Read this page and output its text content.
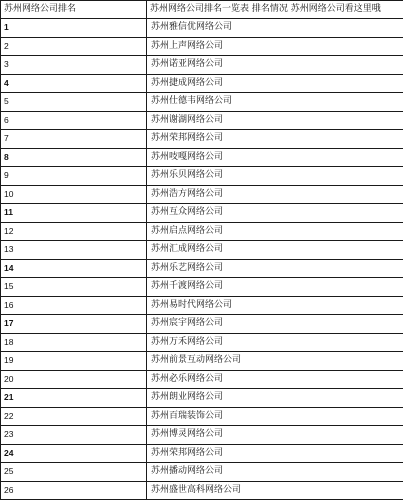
苏州网络公司排名	苏州网络公司排名一览表 排名情况 苏州网络公司看这里哦
1	苏州雅信优网络公司
2	苏州上声网络公司
3	苏州诺亚网络公司
4	苏州捷成网络公司
5	苏州仕德韦网络公司
6	苏州谢湖网络公司
7	苏州荣邦网络公司
8	苏州吱嘎网络公司
9	苏州乐贝网络公司
10	苏州浩方网络公司
11	苏州互众网络公司
12	苏州启点网络公司
13	苏州汇成网络公司
14	苏州乐艺网络公司
15	苏州千渡网络公司
16	苏州易时代网络公司
17	苏州宸宇网络公司
18	苏州万禾网络公司
19	苏州前景互动网络公司
20	苏州必乐网络公司
21	苏州朗业网络公司
22	苏州百瑞装饰公司
23	苏州博灵网络公司
24	苏州荣邦网络公司
25	苏州播动网络公司
26	苏州盛世高科网络公司
